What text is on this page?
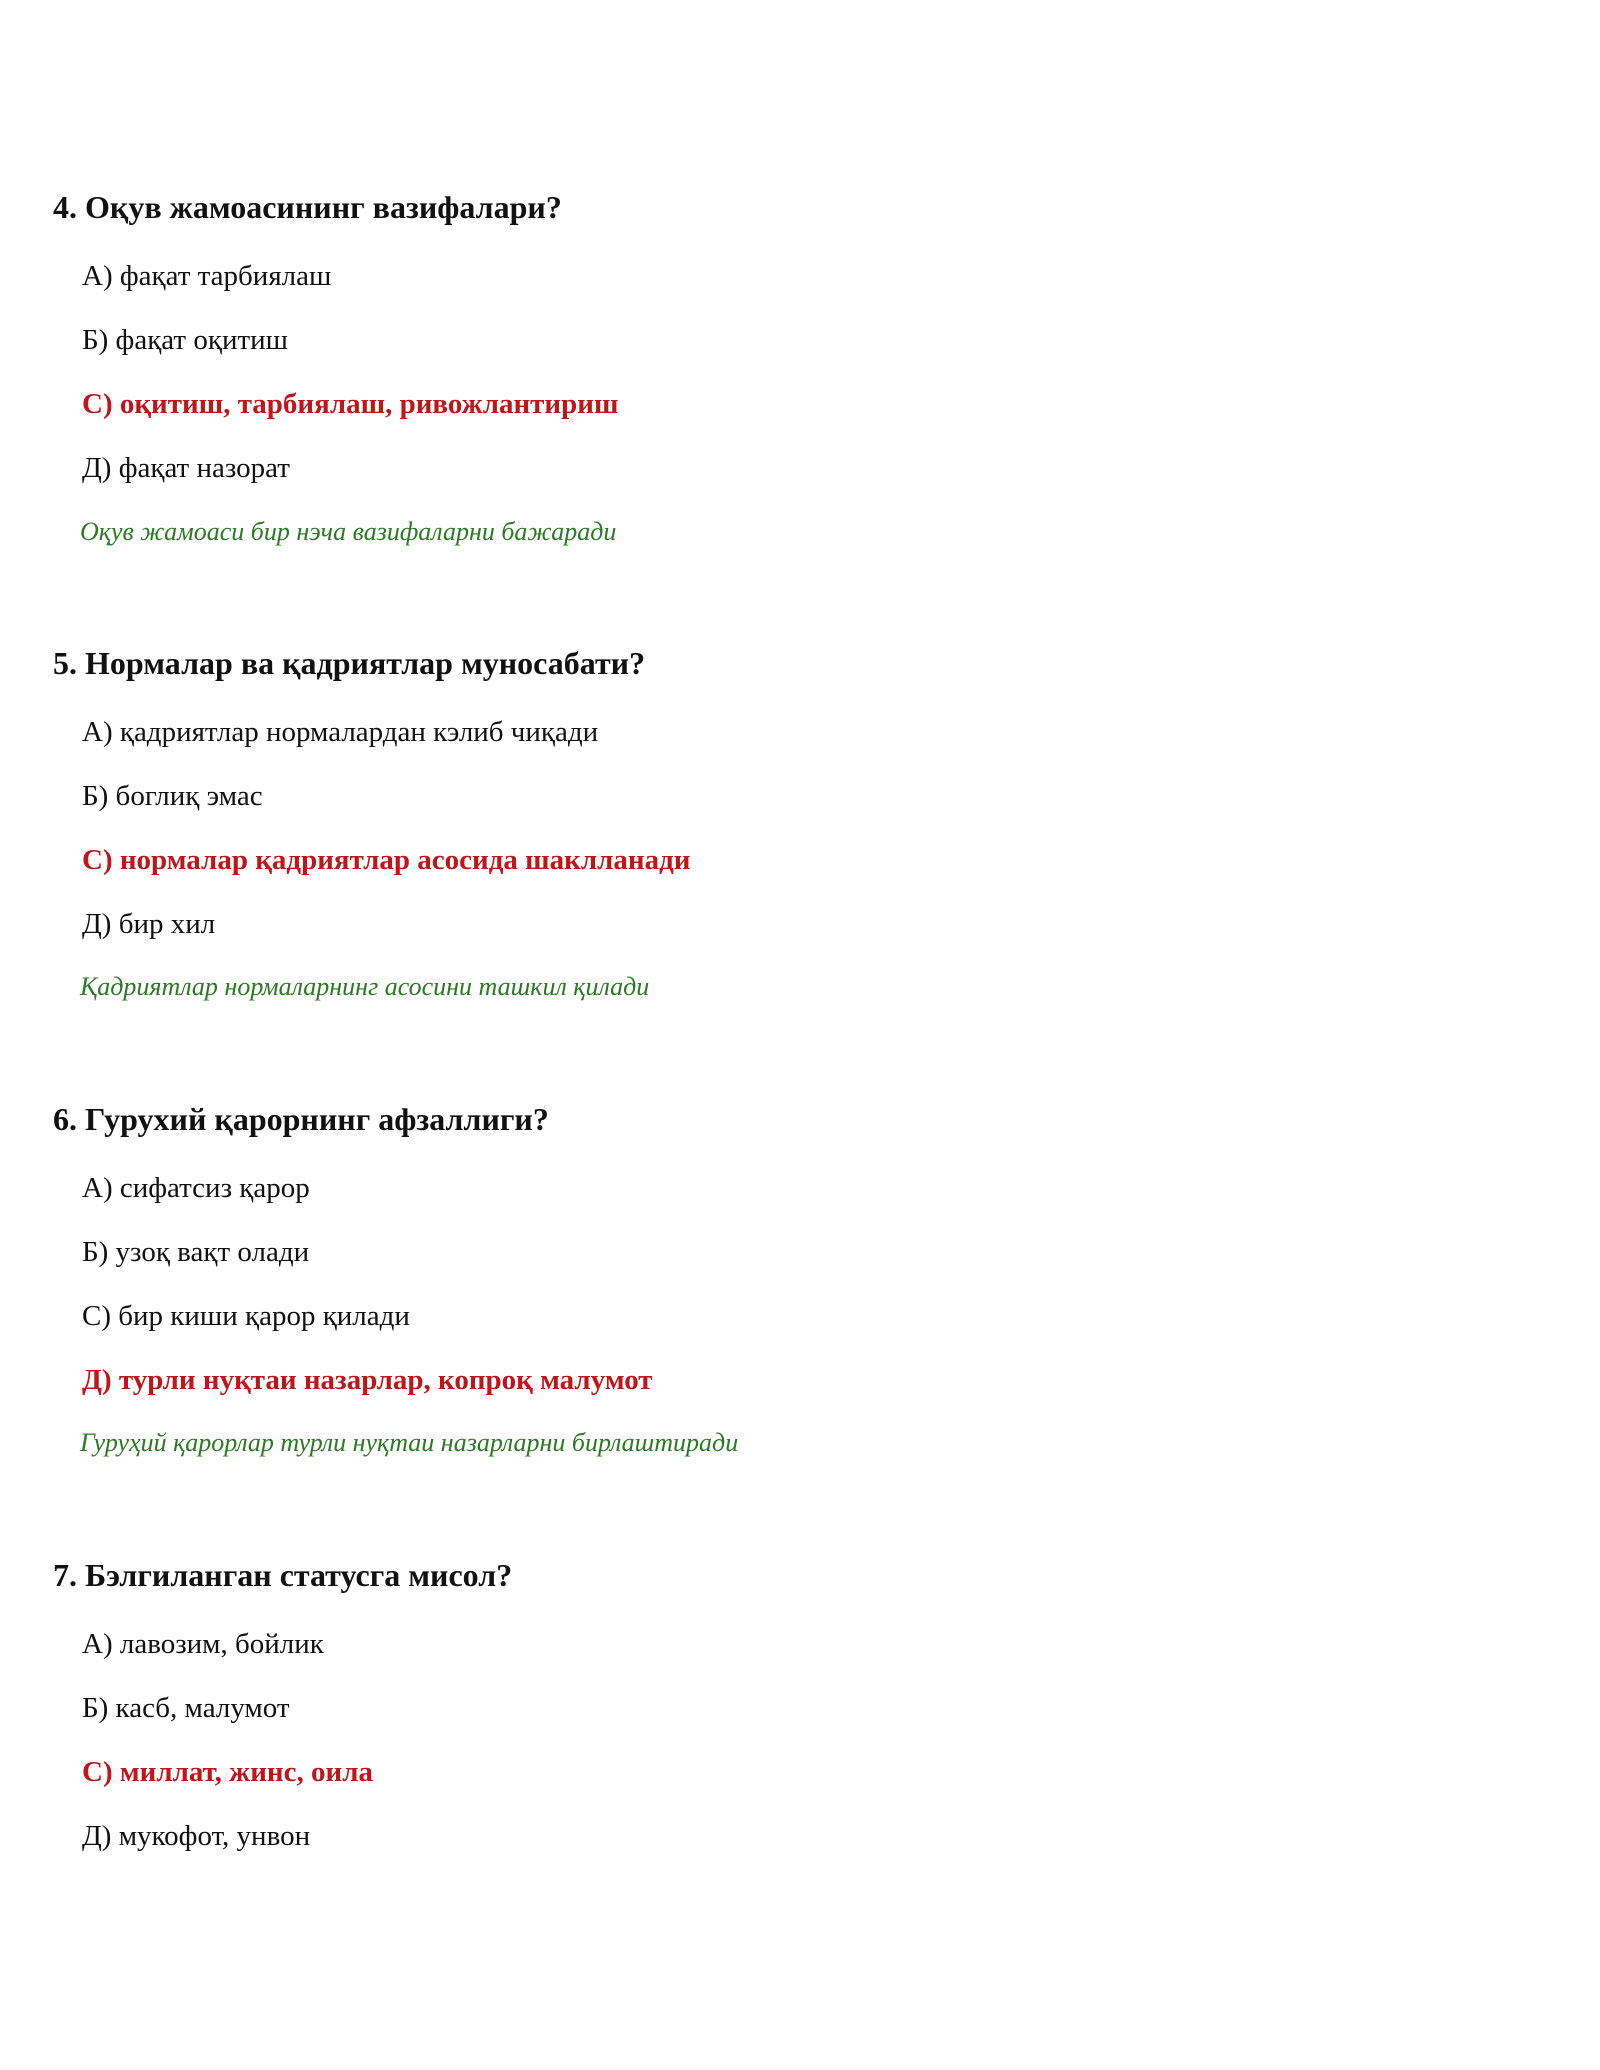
4. Оқув жамоасининг вазифалари?
А) фақат тарбиялаш
Б) фақат оқитиш
С) оқитиш, тарбиялаш, ривожлантириш
Д) фақат назорат
Оқув жамоаси бир нэча вазифаларни бажаради
5. Нормалар ва қадриятлар муносабати?
А) қадриятлар нормалардан кэлиб чиқади
Б) боглиқ эмас
С) нормалар қадриятлар асосида шаклланади
Д) бир хил
Қадриятлар нормаларнинг асосини ташкил қилади
6. Гурухий қарорнинг афзаллиги?
А) сифатсиз қарор
Б) узоқ вақт олади
С) бир киши қарор қилади
Д) турли нуқтаи назарлар, копроқ малумот
Гуруҳий қарорлар турли нуқтаи назарларни бирлаштиради
7. Бэлгиланган статусга мисол?
А) лавозим, бойлик
Б) касб, малумот
С) миллат, жинс, оила
Д) мукофот, унвон
